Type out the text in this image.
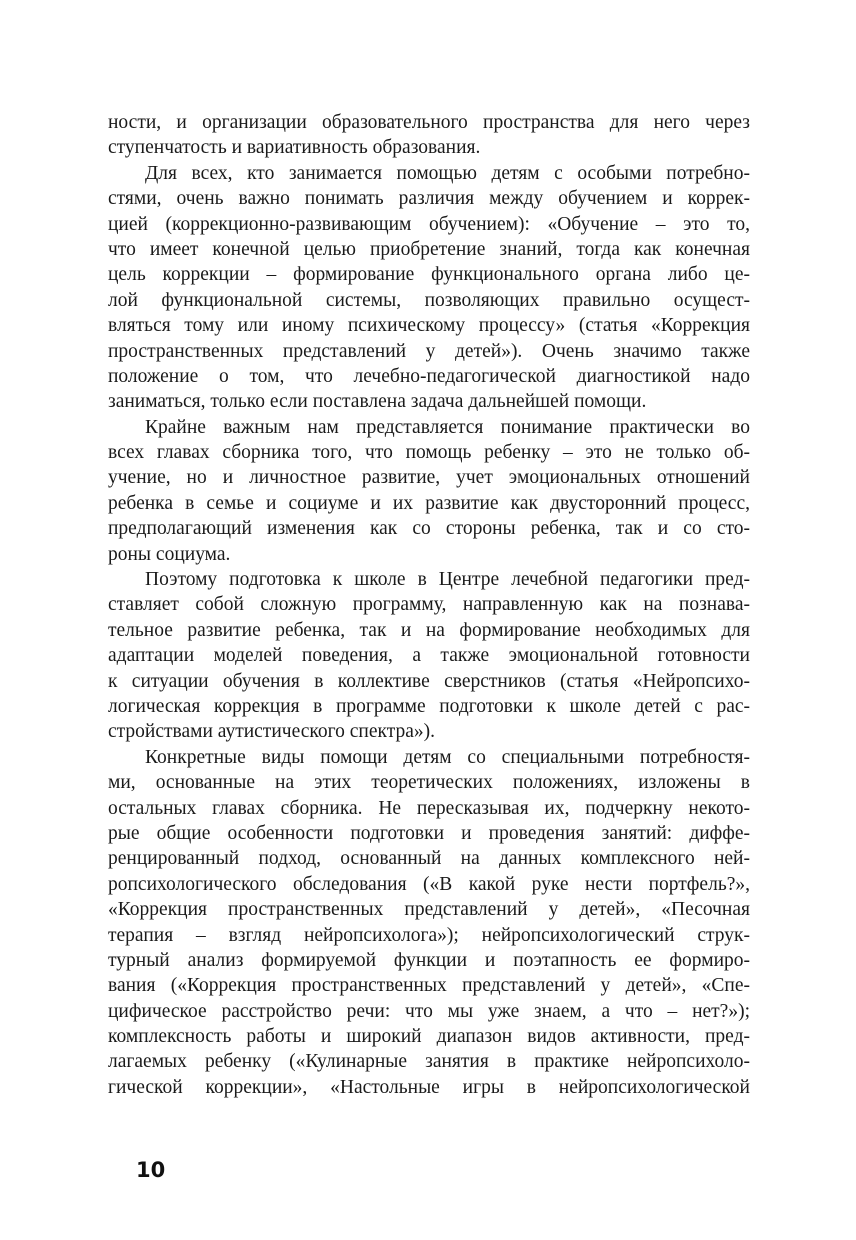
ности, и организации образовательного пространства для него через
ступенчатость и вариативность образования.
Для всех, кто занимается помощью детям с особыми потребно-
стями, очень важно понимать различия между обучением и коррек-
цией (коррекционно-развивающим обучением): «Обучение – это то,
что имеет конечной целью приобретение знаний, тогда как конечная
цель коррекции – формирование функционального органа либо це-
лой функциональной системы, позволяющих правильно осущест-
вляться тому или иному психическому процессу» (статья «Коррекция
пространственных представлений у детей»). Очень значимо также
положение о том, что лечебно-педагогической диагностикой надо
заниматься, только если поставлена задача дальнейшей помощи.
Крайне важным нам представляется понимание практически во
всех главах сборника того, что помощь ребенку – это не только об-
учение, но и личностное развитие, учет эмоциональных отношений
ребенка в семье и социуме и их развитие как двусторонний процесс,
предполагающий изменения как со стороны ребенка, так и со сто-
роны социума.
Поэтому подготовка к школе в Центре лечебной педагогики пред-
ставляет собой сложную программу, направленную как на познава-
тельное развитие ребенка, так и на формирование необходимых для
адаптации моделей поведения, а также эмоциональной готовности
к ситуации обучения в коллективе сверстников (статья «Нейропсихо-
логическая коррекция в программе подготовки к школе детей с рас-
стройствами аутистического спектра»).
Конкретные виды помощи детям со специальными потребностя-
ми, основанные на этих теоретических положениях, изложены в
остальных главах сборника. Не пересказывая их, подчеркну некото-
рые общие особенности подготовки и проведения занятий: диффе-
ренцированный подход, основанный на данных комплексного ней-
ропсихологического обследования («В какой руке нести портфель?»,
«Коррекция пространственных представлений у детей», «Песочная
терапия – взгляд нейропсихолога»); нейропсихологический струк-
турный анализ формируемой функции и поэтапность ее формиро-
вания («Коррекция пространственных представлений у детей», «Спе-
цифическое расстройство речи: что мы уже знаем, а что – нет?»);
комплексность работы и широкий диапазон видов активности, пред-
лагаемых ребенку («Кулинарные занятия в практике нейропсихоло-
гической коррекции», «Настольные игры в нейропсихологической
10
